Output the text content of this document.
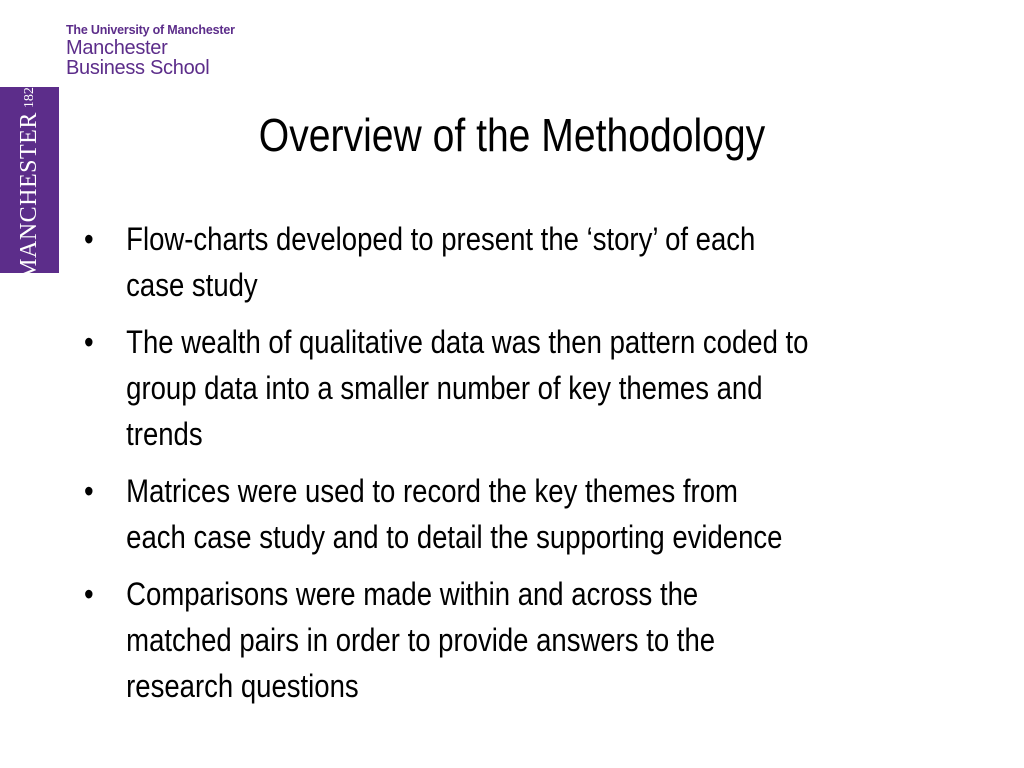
The University of Manchester
Manchester
Business School
MANCHESTER
1824
Overview of the Methodology
• Flow-charts developed to present the ‘story’ of each
case study
• The wealth of qualitative data was then pattern coded to
group data into a smaller number of key themes and
trends
• Matrices were used to record the key themes from
each case study and to detail the supporting evidence
• Comparisons were made within and across the
matched pairs in order to provide answers to the
research questions
